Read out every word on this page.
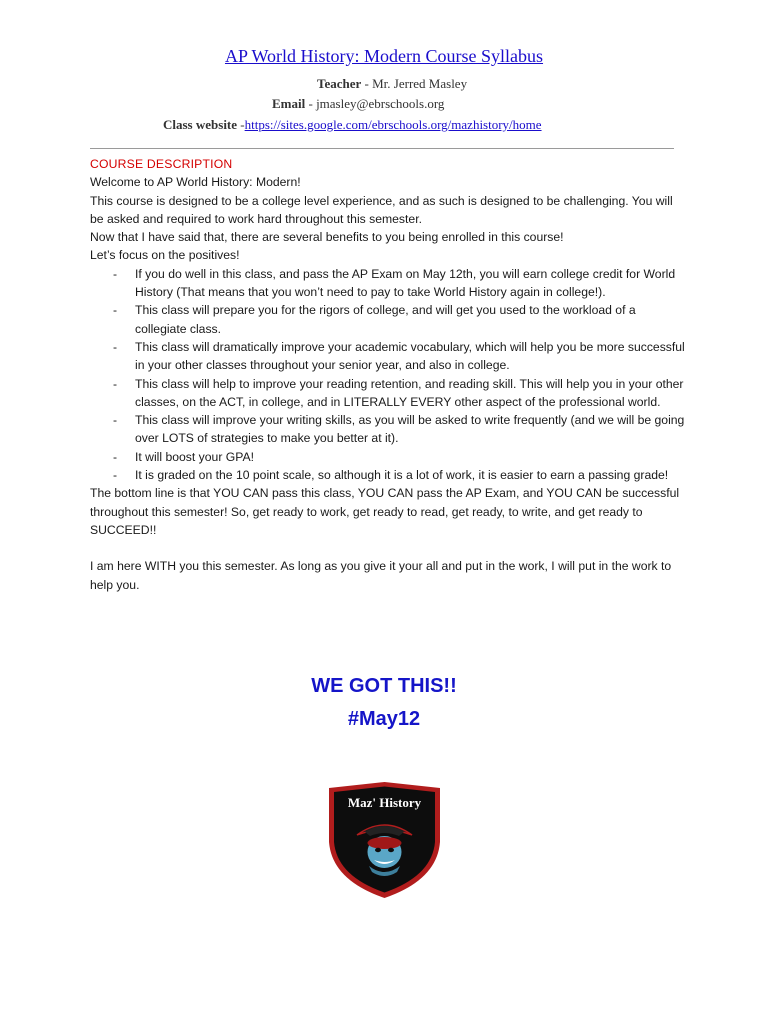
AP World History: Modern Course Syllabus
Teacher - Mr. Jerred Masley
Email - jmasley@ebrschools.org
Class website -https://sites.google.com/ebrschools.org/mazhistory/home
COURSE DESCRIPTION

Welcome to AP World History: Modern!

This course is designed to be a college level experience, and as such is designed to be challenging. You will be asked and required to work hard throughout this semester.

Now that I have said that, there are several benefits to you being enrolled in this course!

Let’s focus on the positives!

- If you do well in this class, and pass the AP Exam on May 12th, you will earn college credit for World History (That means that you won’t need to pay to take World History again in college!).
- This class will prepare you for the rigors of college, and will get you used to the workload of a collegiate class.
- This class will dramatically improve your academic vocabulary, which will help you be more successful in your other classes throughout your senior year, and also in college.
- This class will help to improve your reading retention, and reading skill. This will help you in your other classes, on the ACT, in college, and in LITERALLY EVERY other aspect of the professional world.
- This class will improve your writing skills, as you will be asked to write frequently (and we will be going over LOTS of strategies to make you better at it).
- It will boost your GPA!
- It is graded on the 10 point scale, so although it is a lot of work, it is easier to earn a passing grade!

The bottom line is that YOU CAN pass this class, YOU CAN pass the AP Exam, and YOU CAN be successful throughout this semester! So, get ready to work, get ready to read, get ready, to write, and get ready to SUCCEED!!

I am here WITH you this semester. As long as you give it your all and put in the work, I will put in the work to help you.

WE GOT THIS!!

#May12

Maz' History
